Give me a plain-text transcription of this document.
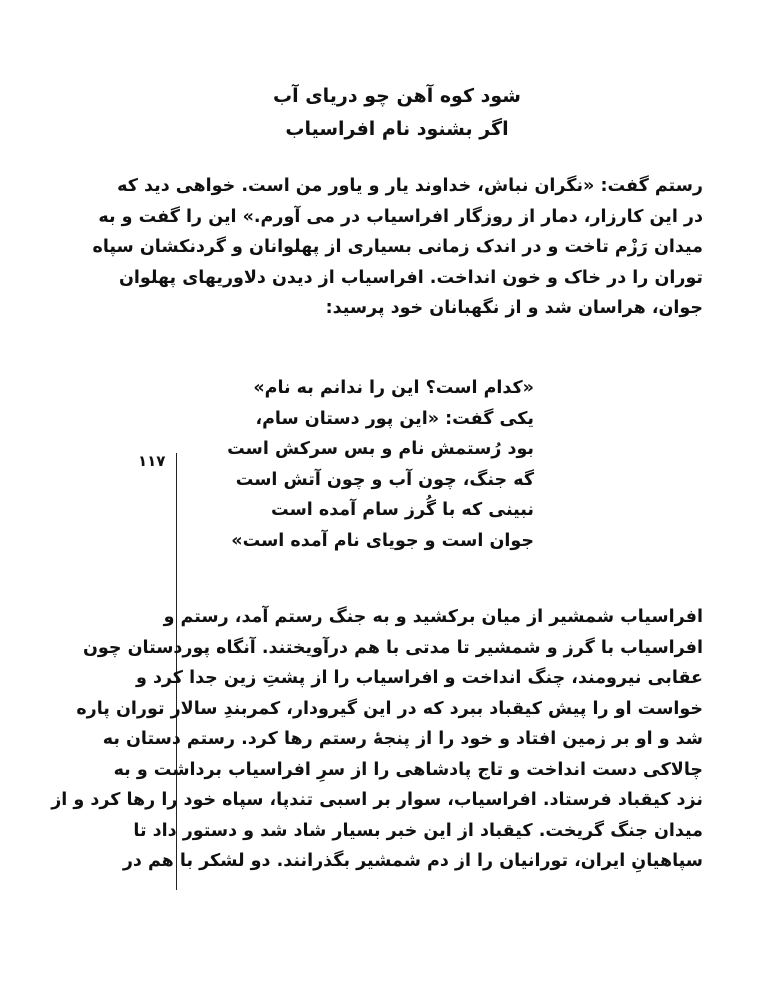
شود کوه آهن چو دریای آب
اگر بشنود نام افراسیاب
رستم گفت: «نگران نباش، خداوند یار و یاور من است. خواهی دید که
در این کارزار، دمار از روزگار افراسیاب در می آورم.» این را گفت و به
میدان رَزْم تاخت و در اندک زمانی بسیاری از پهلوانان و گردنکشان سپاه
توران را در خاک و خون انداخت. افراسیاب از دیدن دلاوریهای پهلوان
جوان، هراسان شد و از نگهبانان خود پرسید:
«کدام است؟ این را ندانم به نام»
یکی گفت: «این پور دستان سام،
بود رُستمش نام و بس سرکش است
گه جنگ، چون آب و چون آتش است
نبینی که با گُرز سام آمده است
جوان است و جویای نام آمده است»
۱۱۷
افراسیاب شمشیر از میان برکشید و به جنگ رستم آمد، رستم و
افراسیاب با گرز و شمشیر تا مدتی با هم درآویختند. آنگاه پوردستان چون
عقابی نیرومند، چنگ انداخت و افراسیاب را از پشتِ زین جدا کرد و
خواست او را پیش کیقباد ببرد که در این گیرودار، کمربندِ سالار توران پاره
شد و او بر زمین افتاد و خود را از پنجهٔ رستم رها کرد. رستم دستان به
چالاکی دست انداخت و تاج پادشاهی را از سرِ افراسیاب برداشت و به
نزد کیقباد فرستاد. افراسیاب، سوار بر اسبی تندپا، سپاه خود را رها کرد و از
میدان جنگ گریخت. کیقباد از این خبر بسیار شاد شد و دستور داد تا
سپاهیانِ ایران، تورانیان را از دم شمشیر بگذرانند. دو لشکر با هم در
